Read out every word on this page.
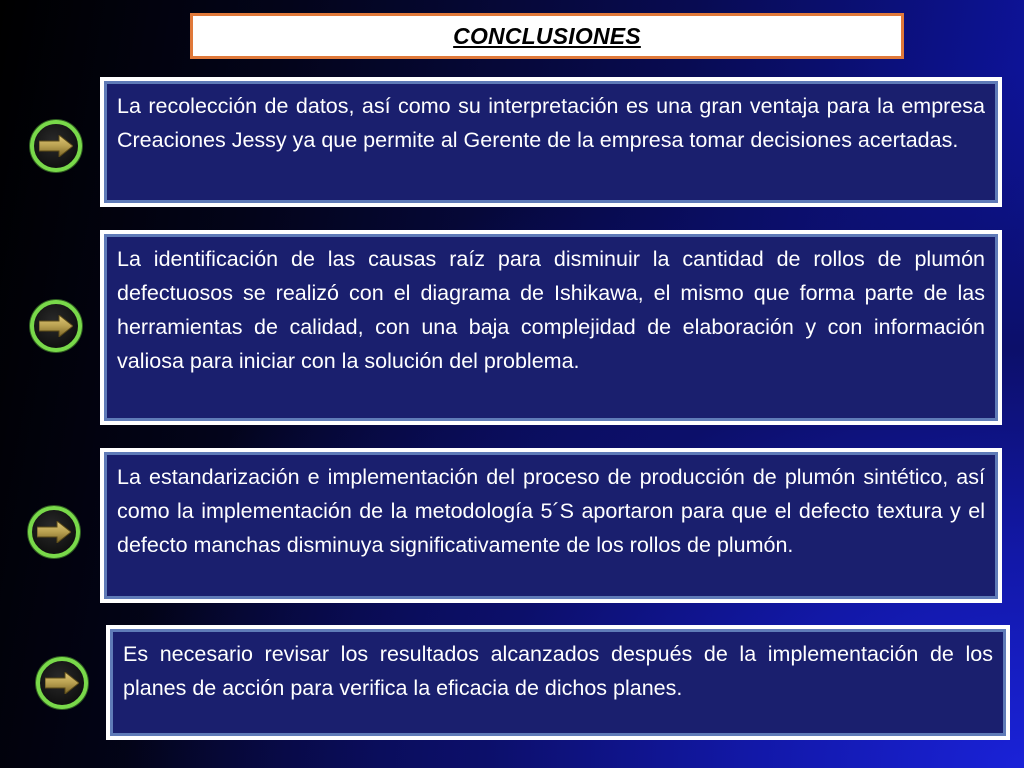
CONCLUSIONES
La recolección de datos, así como su interpretación es una gran ventaja para la empresa Creaciones Jessy ya que permite al Gerente de la empresa tomar decisiones acertadas.
La identificación de las causas raíz para disminuir la cantidad de rollos de plumón defectuosos se realizó con el diagrama de Ishikawa, el mismo que forma parte de las herramientas de calidad, con una baja complejidad de elaboración y con información valiosa para iniciar con la solución del problema.
La estandarización e implementación del proceso de producción de plumón sintético, así como la implementación de la metodología 5´S aportaron para que el defecto textura y el defecto manchas disminuya significativamente de los rollos de plumón.
Es necesario revisar los resultados alcanzados después de la implementación de los planes de acción para verifica la eficacia de dichos planes.
